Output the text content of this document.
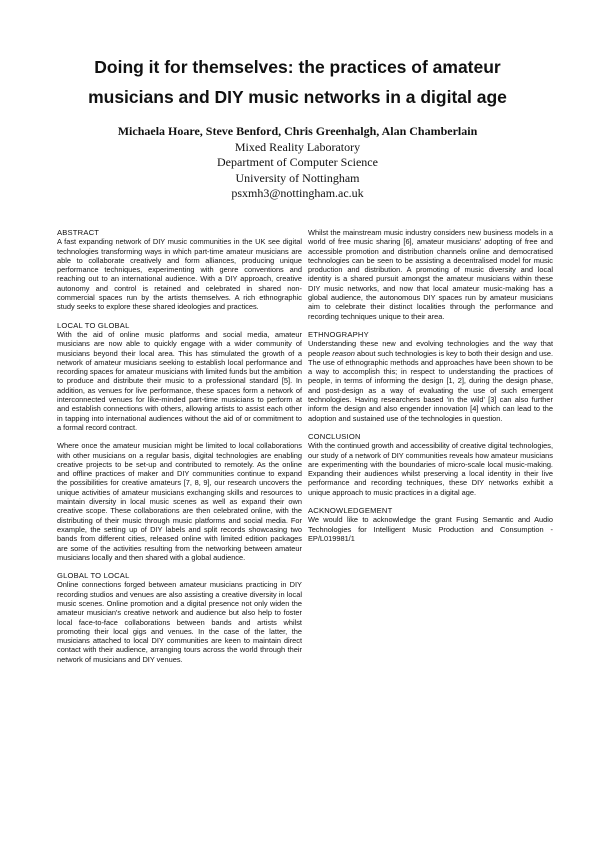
Doing it for themselves: the practices of amateur
musicians and DIY music networks in a digital age
Michaela Hoare, Steve Benford, Chris Greenhalgh, Alan Chamberlain
Mixed Reality Laboratory
Department of Computer Science
University of Nottingham
psxmh3@nottingham.ac.uk
ABSTRACT

A fast expanding network of DIY music communities in the UK see digital technologies transforming ways in which part-time amateur musicians are able to collaborate creatively and form alliances, producing unique performance techniques, experimenting with genre conventions and reaching out to an international audience. With a DIY approach, creative autonomy and control is retained and celebrated in shared non-commercial spaces run by the artists themselves. A rich ethnographic study seeks to explore these shared ideologies and practices.

LOCAL TO GLOBAL

With the aid of online music platforms and social media, amateur musicians are now able to quickly engage with a wider community of musicians beyond their local area. This has stimulated the growth of a network of amateur musicians seeking to establish local performance and recording spaces for amateur musicians with limited funds but the ambition to produce and distribute their music to a professional standard [5]. In addition, as venues for live performance, these spaces form a network of interconnected venues for like-minded part-time musicians to perform at and establish connections with others, allowing artists to assist each other in tapping into international audiences without the aid of or commitment to a formal record contract.

Where once the amateur musician might be limited to local collaborations with other musicians on a regular basis, digital technologies are enabling creative projects to be set-up and contributed to remotely. As the online and offline practices of maker and DIY communities continue to expand the possibilities for creative amateurs [7, 8, 9], our research uncovers the unique activities of amateur musicians exchanging skills and resources to maintain diversity in local music scenes as well as expand their own creative scope. These collaborations are then celebrated online, with the distributing of their music through music platforms and social media. For example, the setting up of DIY labels and split records showcasing two bands from different cities, released online with limited edition packages are some of the activities resulting from the networking between amateur musicians locally and then shared with a global audience.

GLOBAL TO LOCAL

Online connections forged between amateur musicians practicing in DIY recording studios and venues are also assisting a creative diversity in local music scenes. Online promotion and a digital presence not only widen the amateur musician's creative network and audience but also help to foster local face-to-face collaborations between bands and artists whilst promoting their local gigs and venues. In the case of the latter, the musicians attached to local DIY communities are keen to maintain direct contact with their audience, arranging tours across the world through their network of musicians and DIY venues.

Whilst the mainstream music industry considers new business models in a world of free music sharing [6], amateur musicians' adopting of free and accessible promotion and distribution channels online and democratised technologies can be seen to be assisting a decentralised model for music production and distribution. A promoting of music diversity and local identity is a shared pursuit amongst the amateur musicians within these DIY music networks, and now that local amateur music-making has a global audience, the autonomous DIY spaces run by amateur musicians aim to celebrate their distinct localities through the performance and recording techniques unique to their area.

ETHNOGRAPHY

Understanding these new and evolving technologies and the way that people reason about such technologies is key to both their design and use. The use of ethnographic methods and approaches have been shown to be a way to accomplish this; in respect to understanding the practices of people, in terms of informing the design [1, 2], during the design phase, and post-design as a way of evaluating the use of such emergent technologies. Having researchers based 'in the wild' [3] can also further inform the design and also engender innovation [4] which can lead to the adoption and sustained use of the technologies in question.

CONCLUSION

With the continued growth and accessibility of creative digital technologies, our study of a network of DIY communities reveals how amateur musicians are experimenting with the boundaries of micro-scale local music-making. Expanding their audiences whilst preserving a local identity in their live performance and recording techniques, these DIY networks exhibit a unique approach to music practices in a digital age.

ACKNOWLEDGEMENT

We would like to acknowledge the grant Fusing Semantic and Audio Technologies for Intelligent Music Production and Consumption - EP/L019981/1
